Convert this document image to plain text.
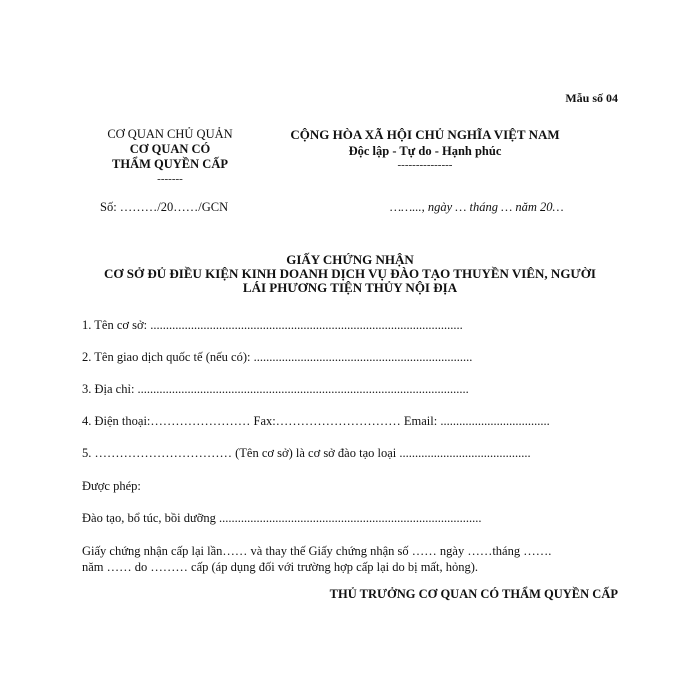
Mẫu số 04
CƠ QUAN CHỦ QUẢN
CƠ QUAN CÓ
THẨM QUYỀN CẤP
-------
CỘNG HÒA XÃ HỘI CHỦ NGHĨA VIỆT NAM
Độc lập - Tự do - Hạnh phúc
---------------
Số: ………/20……/GCN	……..., ngày … tháng … năm 20…
GIẤY CHỨNG NHẬN
CƠ SỞ ĐỦ ĐIỀU KIỆN KINH DOANH DỊCH VỤ ĐÀO TẠO THUYỀN VIÊN, NGƯỜI
LÁI PHƯƠNG TIỆN THỦY NỘI ĐỊA
1. Tên cơ sở: ....................................................................................................
2. Tên giao dịch quốc tế (nếu có): ......................................................................
3. Địa chỉ: ..........................................................................................................
4. Điện thoại:…………………… Fax:………………………… Email: ...................................
5. …………………………… (Tên cơ sở) là cơ sở đào tạo loại ..........................................
Được phép:
Đào tạo, bổ túc, bồi dưỡng ....................................................................................
Giấy chứng nhận cấp lại lần…… và thay thế Giấy chứng nhận số …… ngày ……tháng …….
năm …… do ……… cấp (áp dụng đối với trường hợp cấp lại do bị mất, hỏng).
THỦ TRƯỞNG CƠ QUAN CÓ THẨM QUYỀN CẤP
